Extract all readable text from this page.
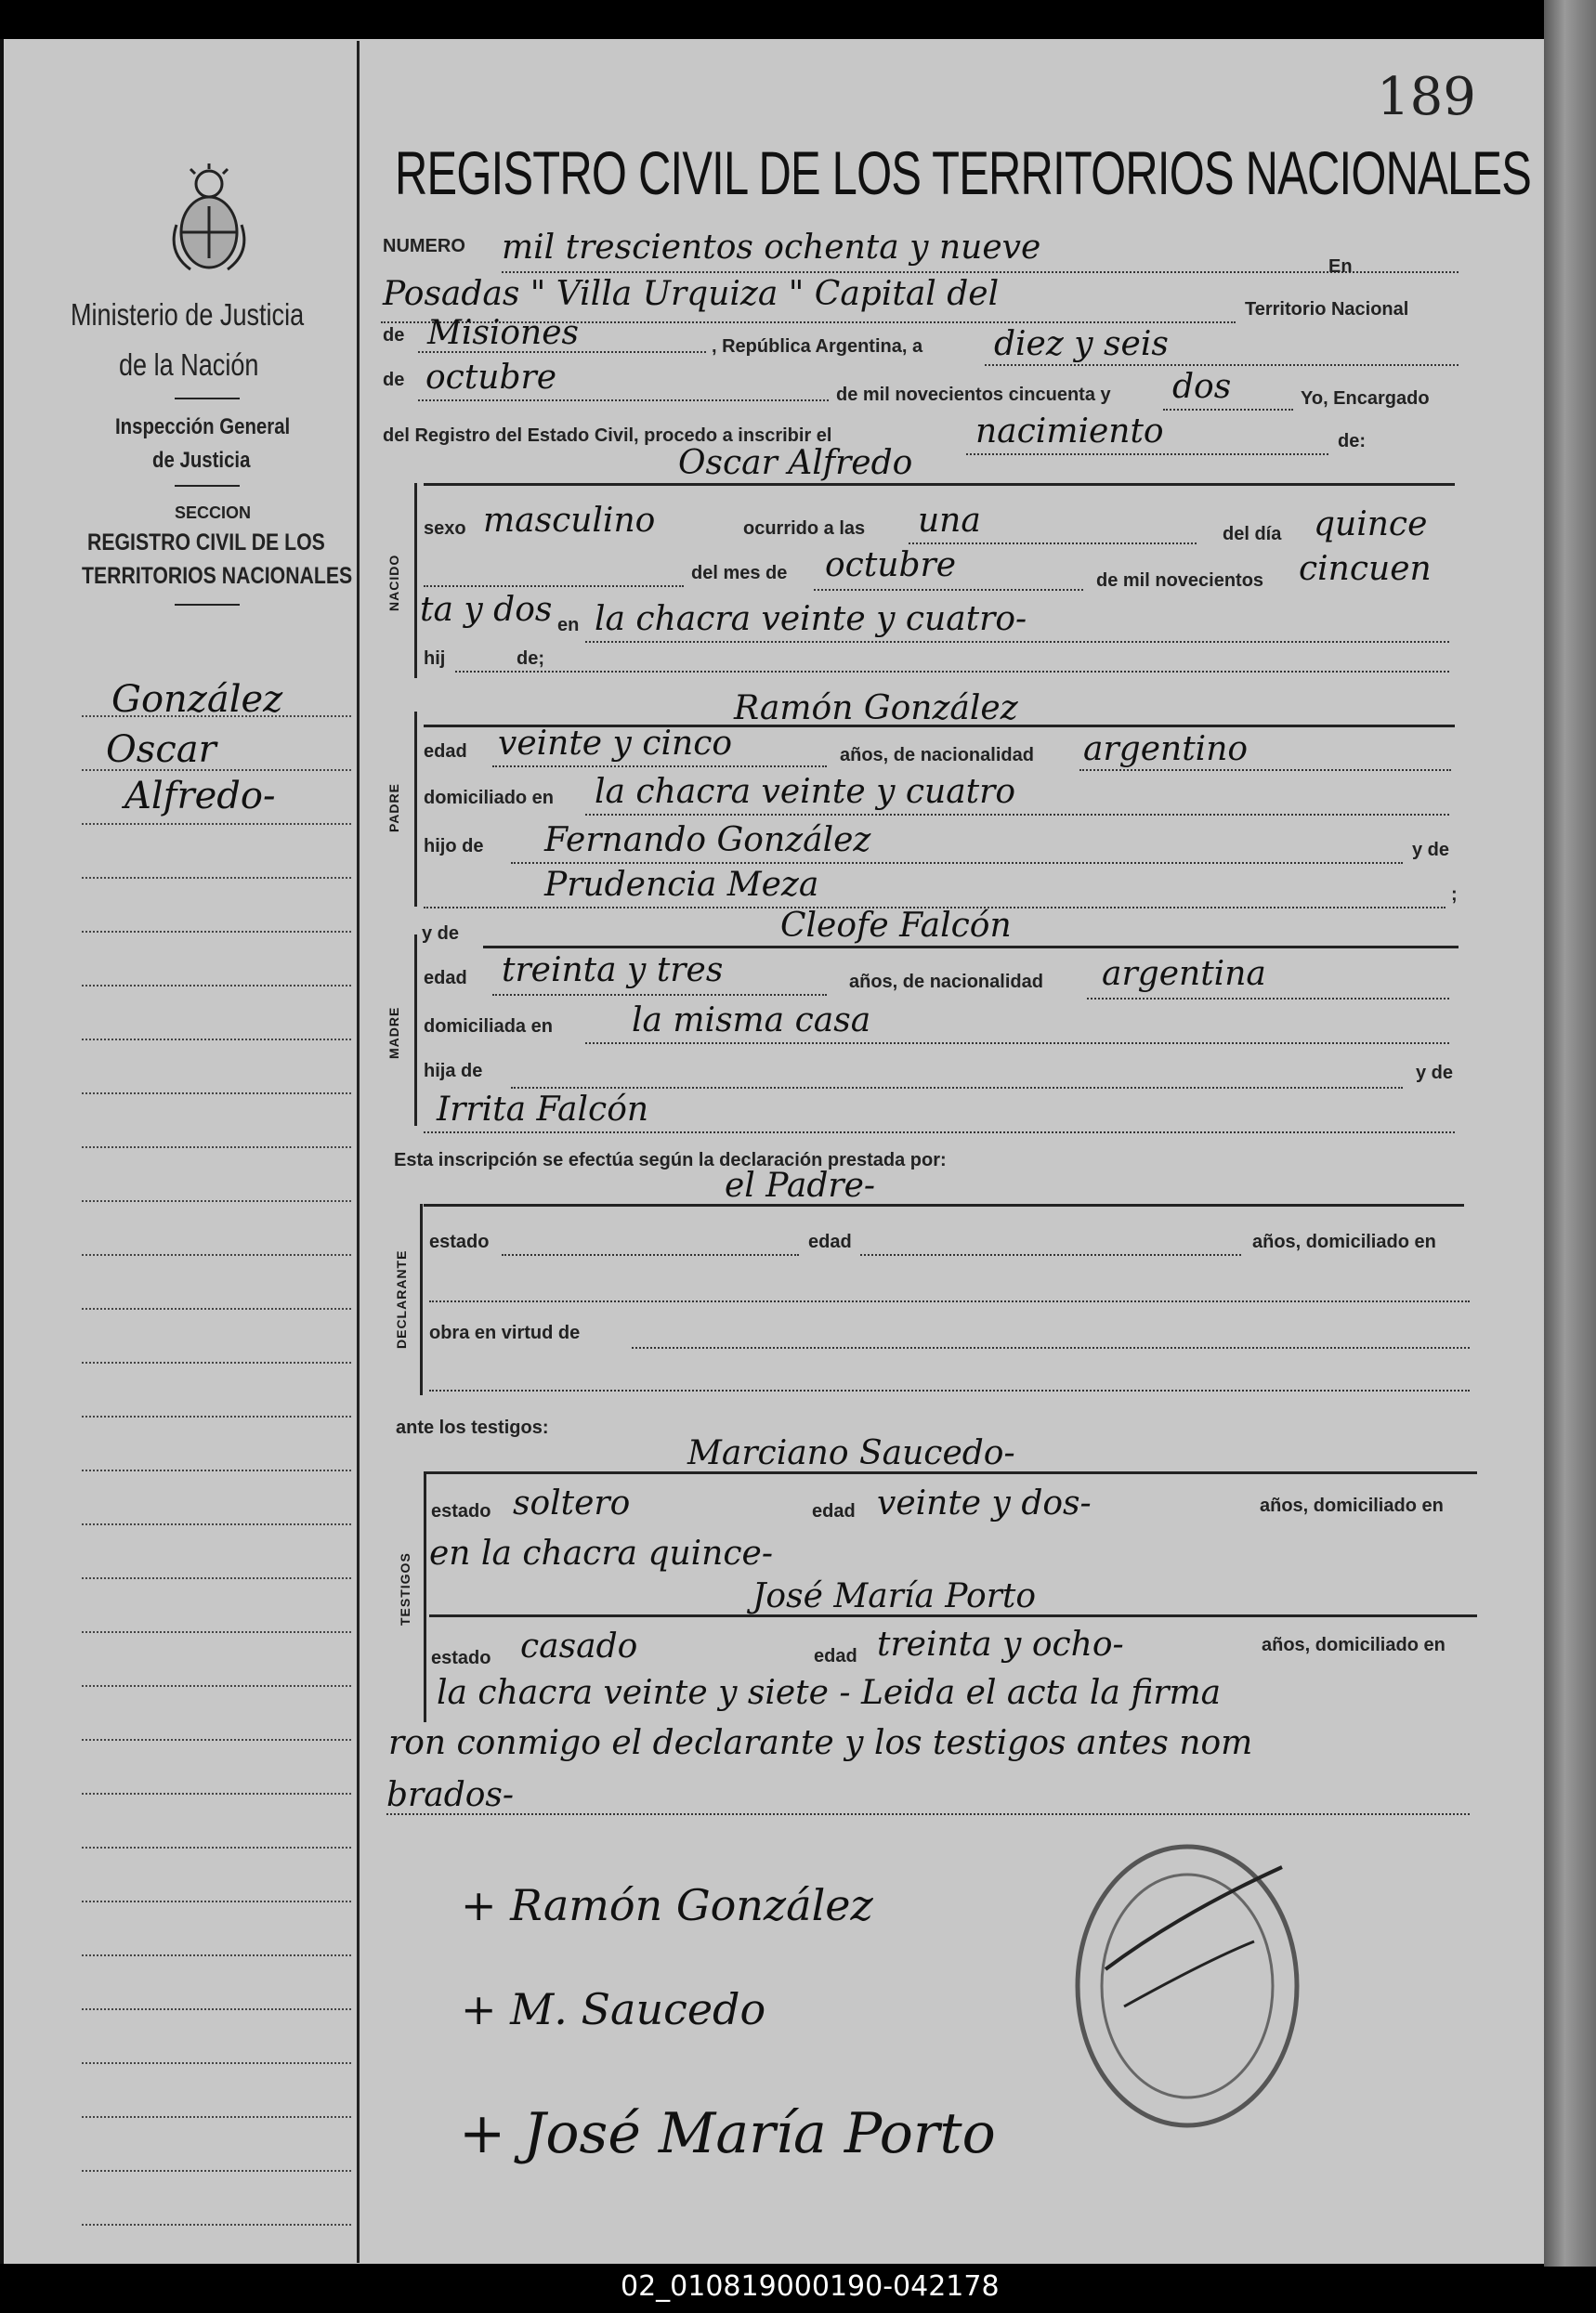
189
REGISTRO CIVIL DE LOS TERRITORIOS NACIONALES
Ministerio de Justicia
de la Nación
Inspección General
de Justicia
SECCION
REGISTRO CIVIL DE LOS
TERRITORIOS NACIONALES
González
Oscar
Alfredo-
NUMERO mil trescientos ochenta y nueve	En
Posadas " Villa Urquiza " Capital del	Territorio Nacional
de Misiones	, República Argentina, a diez y seis
de octubre	de mil novecientos cincuenta y dos	Yo, Encargado
del Registro del Estado Civil, procedo a inscribir el	nacimiento	de:
NACIDO
Oscar Alfredo
sexo masculino	ocurrido a las una	del día quince
del mes de octubre	de mil novecientos cincuen
ta y dos en la chacra veinte y cuatro-
hij	de;
PADRE
Ramón González
edad veinte y cinco	años, de nacionalidad argentino
domiciliado en la chacra veinte y cuatro
hijo de Fernando González	y de
Prudencia Meza	;
MADRE
y de	Cleofe Falcón
edad treinta y tres	años, de nacionalidad argentina
domiciliada en la misma casa
hija de	y de
Irrita Falcón
Esta inscripción se efectúa según la declaración prestada por:
el Padre-
DECLARANTE
estado	edad	años, domiciliado en
obra en virtud de
ante los testigos:
Marciano Saucedo-
TESTIGOS
estado soltero	edad veinte y dos-	años, domiciliado en
en la chacra quince-
José María Porto
estado casado	edad treinta y ocho-	años, domiciliado en
la chacra veinte y siete - Leida el acta la firma
ron conmigo el declarante y los testigos antes nom
brados-
+ Ramón González
+ M. Saucedo
+ José María Porto
02_010819000190-042178
